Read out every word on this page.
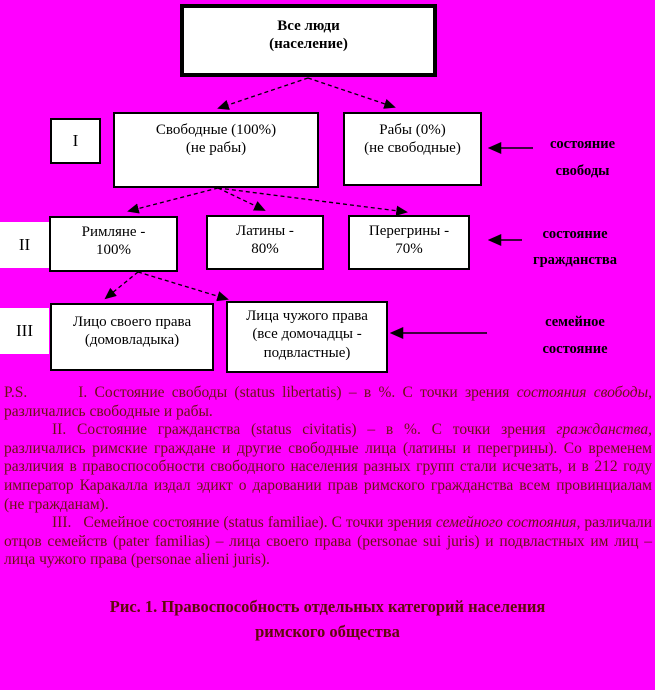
Все люди
(население)
I
Свободные (100%)
(не рабы)
Рабы (0%)
(не свободные)	состояние
свободы
II
Римляне -
100%
Латины -
80%
Перегрины -
70%
состояние
гражданства
III	Лицо своего права
(домовладыка)
Лица чужого права
(все домочадцы -
подвластные)
семейное
состояние

P.S.       I. Состояние свободы (status libertatis) – в %. С точки зрения состояния свободы, различались свободные и рабы.

II. Состояние гражданства (status civitatis) – в %. С точки зрения гражданства, различались римские граждане и другие свободные лица (латины и перегрины). Со временем различия в правоспособности свободного населения разных групп стали исчезать, и в 212 году император Каракалла издал эдикт о даровании прав римского гражданства всем провинциалам (не гражданам).

III.   Семейное состояние (status familiae). С точки зрения семейного состояния, различали отцов семейств (pater familias) – лица своего права (personae sui juris) и подвластных им лиц – лица чужого права (personae alieni juris).

Рис. 1. Правоспособность отдельных категорий населения
римского общества
